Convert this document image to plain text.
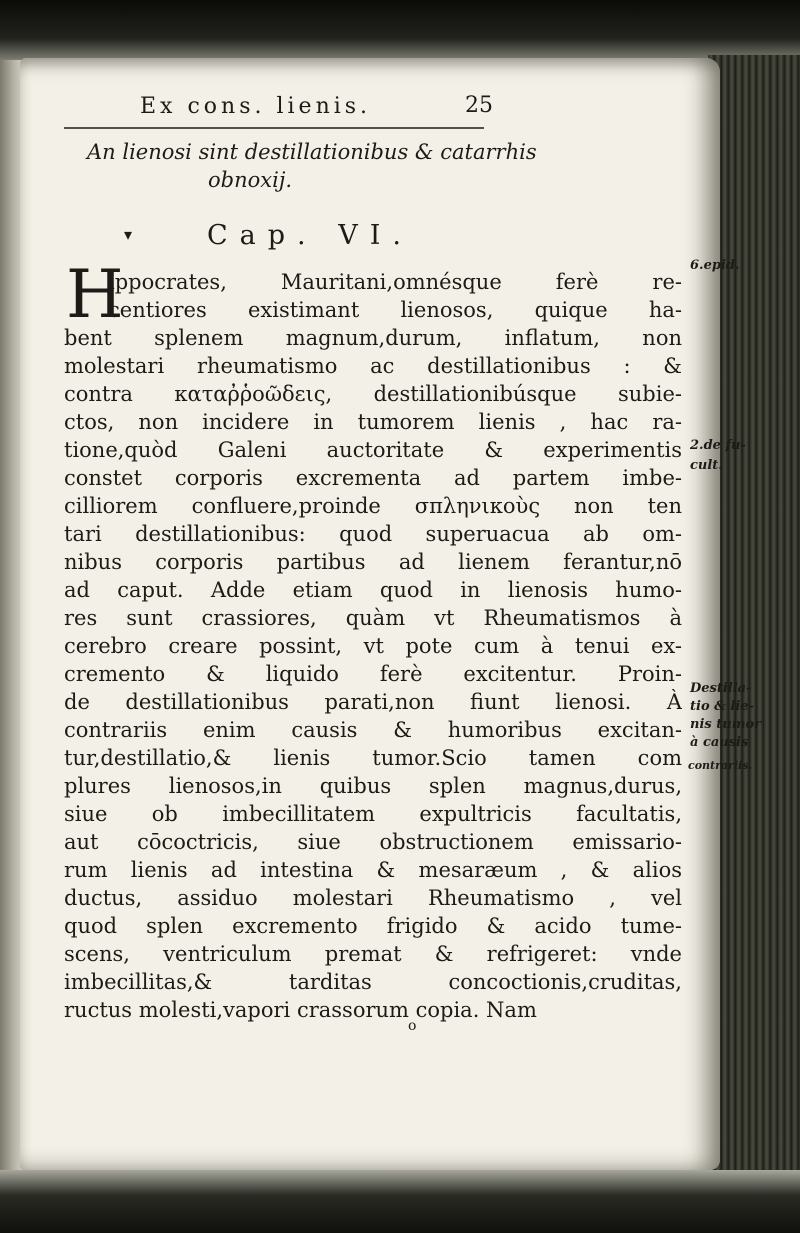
Ex cons. lienis.	25
An lienosi sint destillationibus & catarrhis
obnoxij.
▾	Cap. VI.
H
ippocrates, Mauritani,omnésque ferè re-
centiores existimant lienosos, quique ha-
bent splenem magnum,durum, inflatum, non
molestari rheumatismo ac destillationibus : &
contra καταῤῥοῶδεις, destillationibúsque subie-
ctos, non incidere in tumorem lienis , hac ra-
tione,quòd Galeni auctoritate & experimentis
constet corporis excrementa ad partem imbe-
cilliorem confluere,proinde σπληνικοὺς non ten
tari destillationibus: quod superuacua ab om-
nibus corporis partibus ad lienem ferantur,nō
ad caput. Adde etiam quod in lienosis humo-
res sunt crassiores, quàm vt Rheumatismos à
cerebro creare possint, vt pote cum à tenui ex-
cremento & liquido ferè excitentur. Proin-
de destillationibus parati,non fiunt lienosi. À
contrariis enim causis & humoribus excitan-
tur,destillatio,& lienis tumor.Scio tamen com
plures lienosos,in quibus splen magnus,durus,
siue ob imbecillitatem expultricis facultatis,
aut cōcoctricis, siue obstructionem emissario-
rum lienis ad intestina & mesaræum , & alios
ductus, assiduo molestari Rheumatismo , vel
quod splen excremento frigido & acido tume-
scens, ventriculum premat & refrigeret: vnde
imbecillitas,& tarditas concoctionis,cruditas,
ructus molesti,vapori crassorum copia. Nam
6.epid.
2.de fu-
cult.
Destilla-
tio & lie-
nis tumor
à causis
contrariis.
o
